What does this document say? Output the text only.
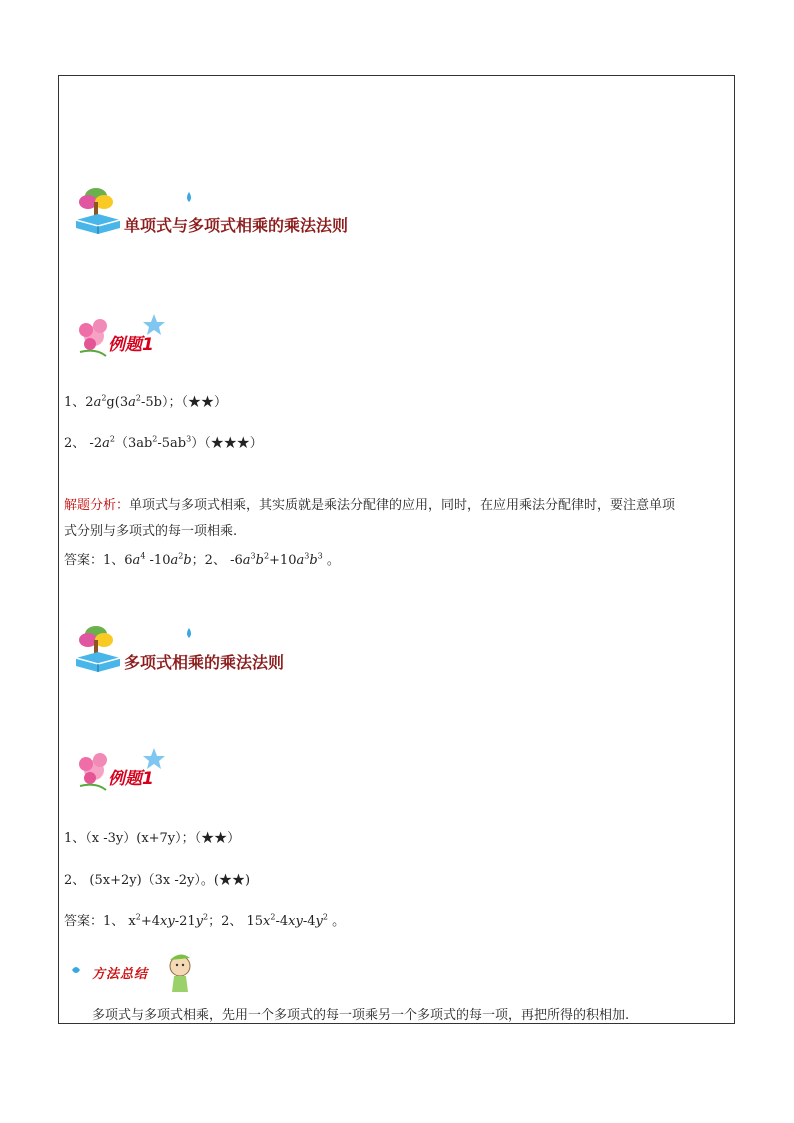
单项式与多项式相乘的乘法法则
例题1
1、$2a^2g(3a^2-5b)$；（★★）
2、 $-2a^2(3ab^2-5ab^3)(★★★)$
解题分析：单项式与多项式相乘，其实质就是乘法分配律的应用，同时，在应用乘法分配律时，要注意单项
式分别与多项式的每一项相乘.
答案：1、$6a^4$ $-10a^2b$；2、 $-6a^3b^2+10a^3b^3$ 。
多项式相乘的乘法法则
例题1
1、（x -3y）(x+7y）；（★★）
2、 (5x+2y)（3x -2y）。(★★)
答案：1、 $x^2+4xy-21y^2$；2、 $15x^2-4xy-4y^2$ 。
方法总结
多项式与多项式相乘，先用一个多项式的每一项乘另一个多项式的每一项，再把所得的积相加.
